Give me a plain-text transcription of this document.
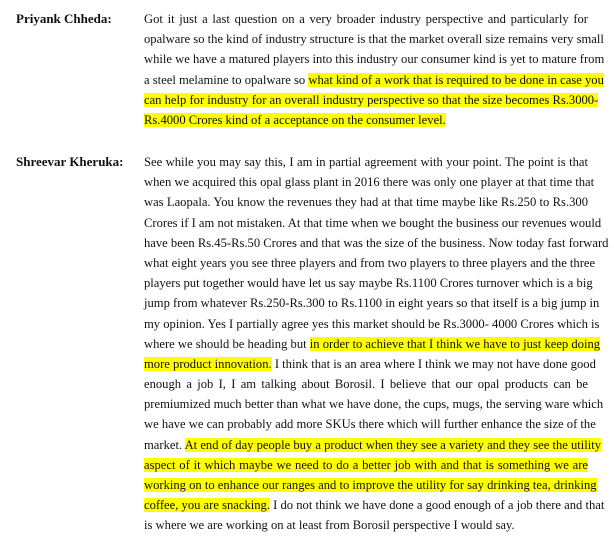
Priyank Chheda:	Got it just a last question on a very broader industry perspective and particularly for
opalware so the kind of industry structure is that the market overall size remains very small
while we have a matured players into this industry our consumer kind is yet to mature from
a steel melamine to opalware so what kind of a work that is required to be done in case you
can help for industry for an overall industry perspective so that the size becomes Rs.3000-
Rs.4000 Crores kind of a acceptance on the consumer level.
Shreevar Kheruka: See while you may say this, I am in partial agreement with your point. The point is that
when we acquired this opal glass plant in 2016 there was only one player at that time that
was Laopala. You know the revenues they had at that time maybe like Rs.250 to Rs.300
Crores if I am not mistaken. At that time when we bought the business our revenues would
have been Rs.45-Rs.50 Crores and that was the size of the business. Now today fast forward
what eight years you see three players and from two players to three players and the three
players put together would have let us say maybe Rs.1100 Crores turnover which is a big
jump from whatever Rs.250-Rs.300 to Rs.1100 in eight years so that itself is a big jump in
my opinion. Yes I partially agree yes this market should be Rs.3000- 4000 Crores which is
where we should be heading but in order to achieve that I think we have to just keep doing
more product innovation. I think that is an area where I think we may not have done good
enough a job I, I am talking about Borosil. I believe that our opal products can be
premiumized much better than what we have done, the cups, mugs, the serving ware which
we have we can probably add more SKUs there which will further enhance the size of the
market. At end of day people buy a product when they see a variety and they see the utility
aspect of it which maybe we need to do a better job with and that is something we are
working on to enhance our ranges and to improve the utility for say drinking tea, drinking
coffee, you are snacking. I do not think we have done a good enough of a job there and that
is where we are working on at least from Borosil perspective I would say.
